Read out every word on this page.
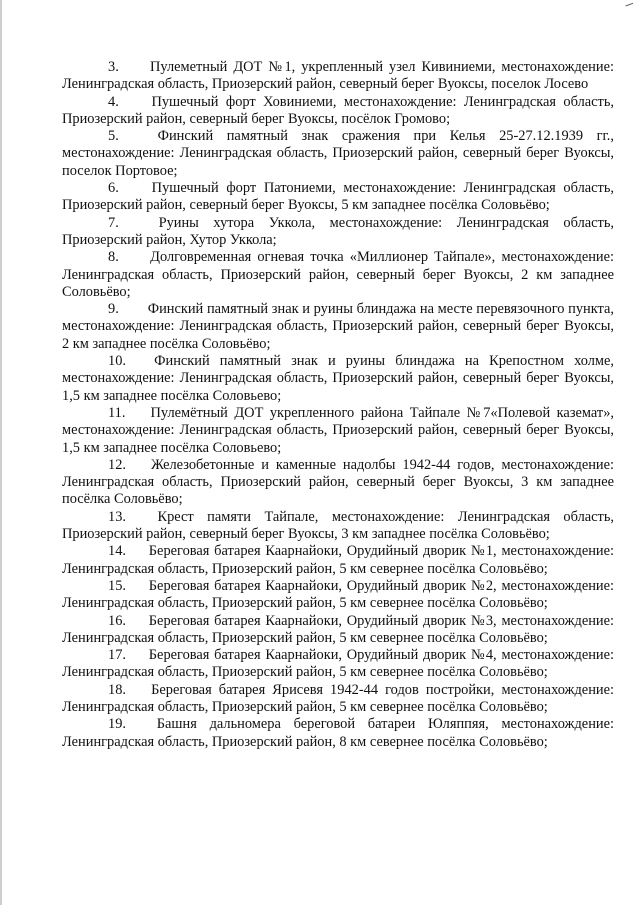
3. Пулеметный ДОТ №1, укрепленный узел Кивиниеми, местонахождение: Ленинградская область, Приозерский район, северный берег Вуоксы, поселок Лосево

4. Пушечный форт Ховиниеми, местонахождение: Ленинградская область, Приозерский район, северный берег Вуоксы, посёлок Громово;

5.	Финский памятный знак сражения при Келья 25-27.12.1939 гг., местонахождение: Ленинградская область, Приозерский район, северный берег Вуоксы, поселок Портовое;

6. Пушечный форт Патониеми, местонахождение: Ленинградская область, Приозерский район, северный берег Вуоксы, 5 км западнее посёлка Соловьёво;

7.	Руины хутора Уккола, местонахождение: Ленинградская область, Приозерский район, Хутор Уккола;

8. Долговременная огневая точка «Миллионер Тайпале», местонахождение: Ленинградская область, Приозерский район, северный берег Вуоксы, 2 км западнее Соловьёво;

9. Финский памятный знак и руины блиндажа на месте перевязочного пункта, местонахождение: Ленинградская область, Приозерский район, северный берег Вуоксы, 2 км западнее посёлка Соловьёво;

10. Финский памятный знак и руины блиндажа на Крепостном холме, местонахождение: Ленинградская область, Приозерский район, северный берег Вуоксы, 1,5 км западнее посёлка Соловьево;

11. Пулемётный ДОТ укрепленного района Тайпале №7«Полевой каземат», местонахождение: Ленинградская область, Приозерский район, северный берег Вуоксы, 1,5 км западнее посёлка Соловьево;

12. Железобетонные и каменные надолбы 1942-44 годов, местонахождение: Ленинградская область, Приозерский район, северный берег Вуоксы, 3 км западнее посёлка Соловьёво;

13. Крест памяти Тайпале, местонахождение: Ленинградская область, Приозерский район, северный берег Вуоксы, 3 км западнее посёлка Соловьёво;

14. Береговая батарея Каарнайоки, Орудийный дворик №1, местонахождение: Ленинградская область, Приозерский район, 5 км севернее посёлка Соловьёво;

15. Береговая батарея Каарнайоки, Орудийный дворик №2, местонахождение: Ленинградская область, Приозерский район, 5 км севернее посёлка Соловьёво;

16. Береговая батарея Каарнайоки, Орудийный дворик №3, местонахождение: Ленинградская область, Приозерский район, 5 км севернее посёлка Соловьёво;

17. Береговая батарея Каарнайоки, Орудийный дворик №4, местонахождение: Ленинградская область, Приозерский район, 5 км севернее посёлка Соловьёво;

18. Береговая батарея Ярисевя 1942-44 годов постройки, местонахождение: Ленинградская область, Приозерский район, 5 км севернее посёлка Соловьёво;

19. Башня дальномера береговой батареи Юляппяя, местонахождение: Ленинградская область, Приозерский район, 8 км севернее посёлка Соловьёво;
